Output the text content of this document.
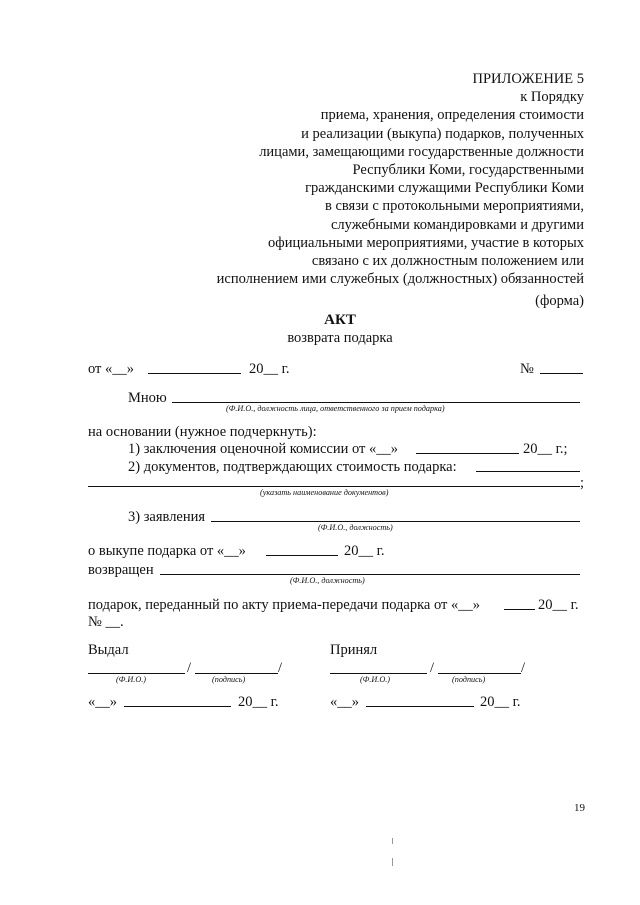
ПРИЛОЖЕНИЕ 5
к Порядку
приема, хранения, определения стоимости
и реализации (выкупа) подарков, полученных
лицами, замещающими государственные должности
Республики Коми, государственными
гражданскими служащими Республики Коми
в связи с протокольными мероприятиями,
служебными командировками и другими
официальными мероприятиями, участие в которых
связано с их должностным положением или
исполнением ими служебных (должностных) обязанностей
(форма)
АКТ
возврата подарка
от «__»	20__ г.	№
Мною
(Ф.И.О., должность лица, ответственного за прием подарка)
на основании (нужное подчеркнуть):
1) заключения оценочной комиссии от «__»	20__ г.;
2) документов, подтверждающих стоимость подарка:
;
(указать наименование документов)
3) заявления
(Ф.И.О., должность)
о выкупе подарка от «__»	20__ г.
возвращен
(Ф.И.О., должность)
подарок, переданный по акту приема-передачи подарка от «__»	20__ г.
№ __.
Выдал
/	/
(Ф.И.О.)	(подпись)
«__»	20__ г.
Принял
/	/
(Ф.И.О.)	(подпись)
«__»	20__ г.
19
